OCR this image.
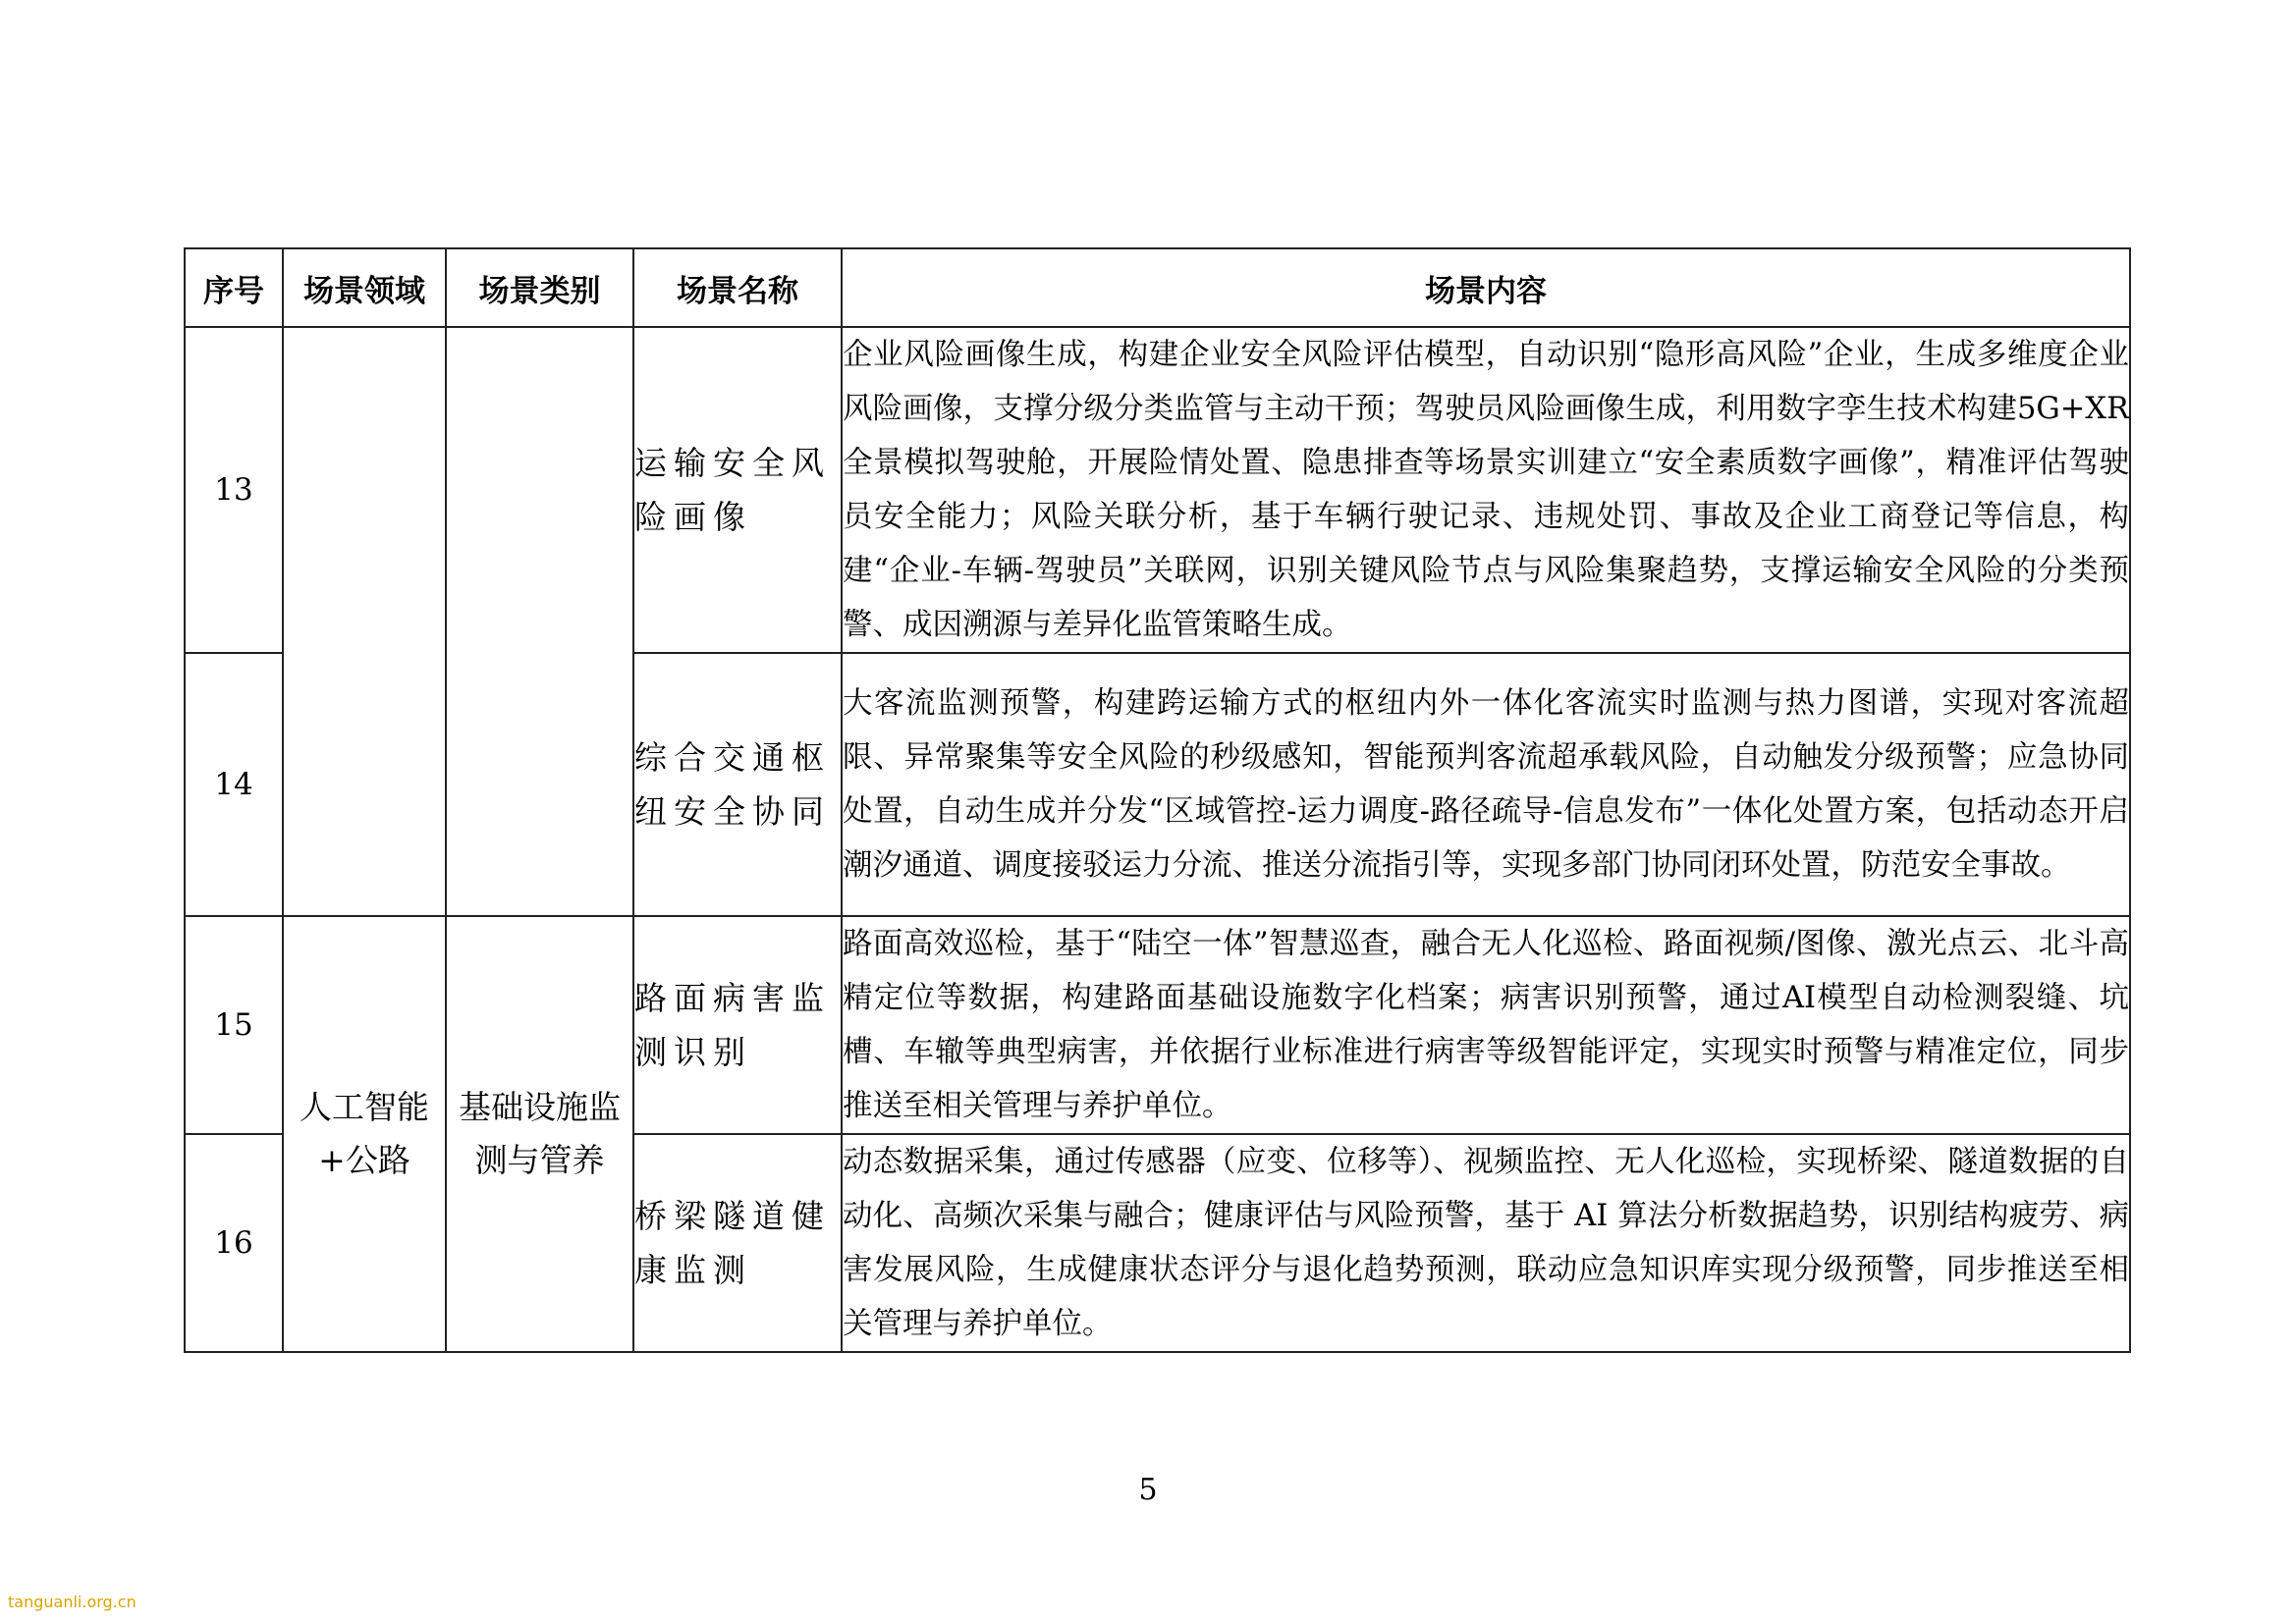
序号	场景领域	场景类别	场景名称	场景内容
13			运输安全风险画像	企业风险画像生成，构建企业安全风险评估模型，自动识别“隐形高风险”企业，生成多维度企业风险画像，支撑分级分类监管与主动干预；驾驶员风险画像生成，利用数字孪生技术构建5G+XR全景模拟驾驶舱，开展险情处置、隐患排查等场景实训建立“安全素质数字画像”，精准评估驾驶员安全能力；风险关联分析，基于车辆行驶记录、违规处罚、事故及企业工商登记等信息，构建“企业-车辆-驾驶员”关联网，识别关键风险节点与风险集聚趋势，支撑运输安全风险的分类预警、成因溯源与差异化监管策略生成。
14			综合交通枢纽安全协同	大客流监测预警，构建跨运输方式的枢纽内外一体化客流实时监测与热力图谱，实现对客流超限、异常聚集等安全风险的秒级感知，智能预判客流超承载风险，自动触发分级预警；应急协同处置，自动生成并分发“区域管控-运力调度-路径疏导-信息发布”一体化处置方案，包括动态开启潮汐通道、调度接驳运力分流、推送分流指引等，实现多部门协同闭环处置，防范安全事故。
15	人工智能+公路	基础设施监测与管养	路面病害监测识别	路面高效巡检，基于“陆空一体”智慧巡查，融合无人化巡检、路面视频/图像、激光点云、北斗高精定位等数据，构建路面基础设施数字化档案；病害识别预警，通过AI模型自动检测裂缝、坑槽、车辙等典型病害，并依据行业标准进行病害等级智能评定，实现实时预警与精准定位，同步推送至相关管理与养护单位。
16			桥梁隧道健康监测	动态数据采集，通过传感器（应变、位移等）、视频监控、无人化巡检，实现桥梁、隧道数据的自动化、高频次采集与融合；健康评估与风险预警，基于 AI 算法分析数据趋势，识别结构疲劳、病害发展风险，生成健康状态评分与退化趋势预测，联动应急知识库实现分级预警，同步推送至相关管理与养护单位。
5
tanguanli.org.cn
